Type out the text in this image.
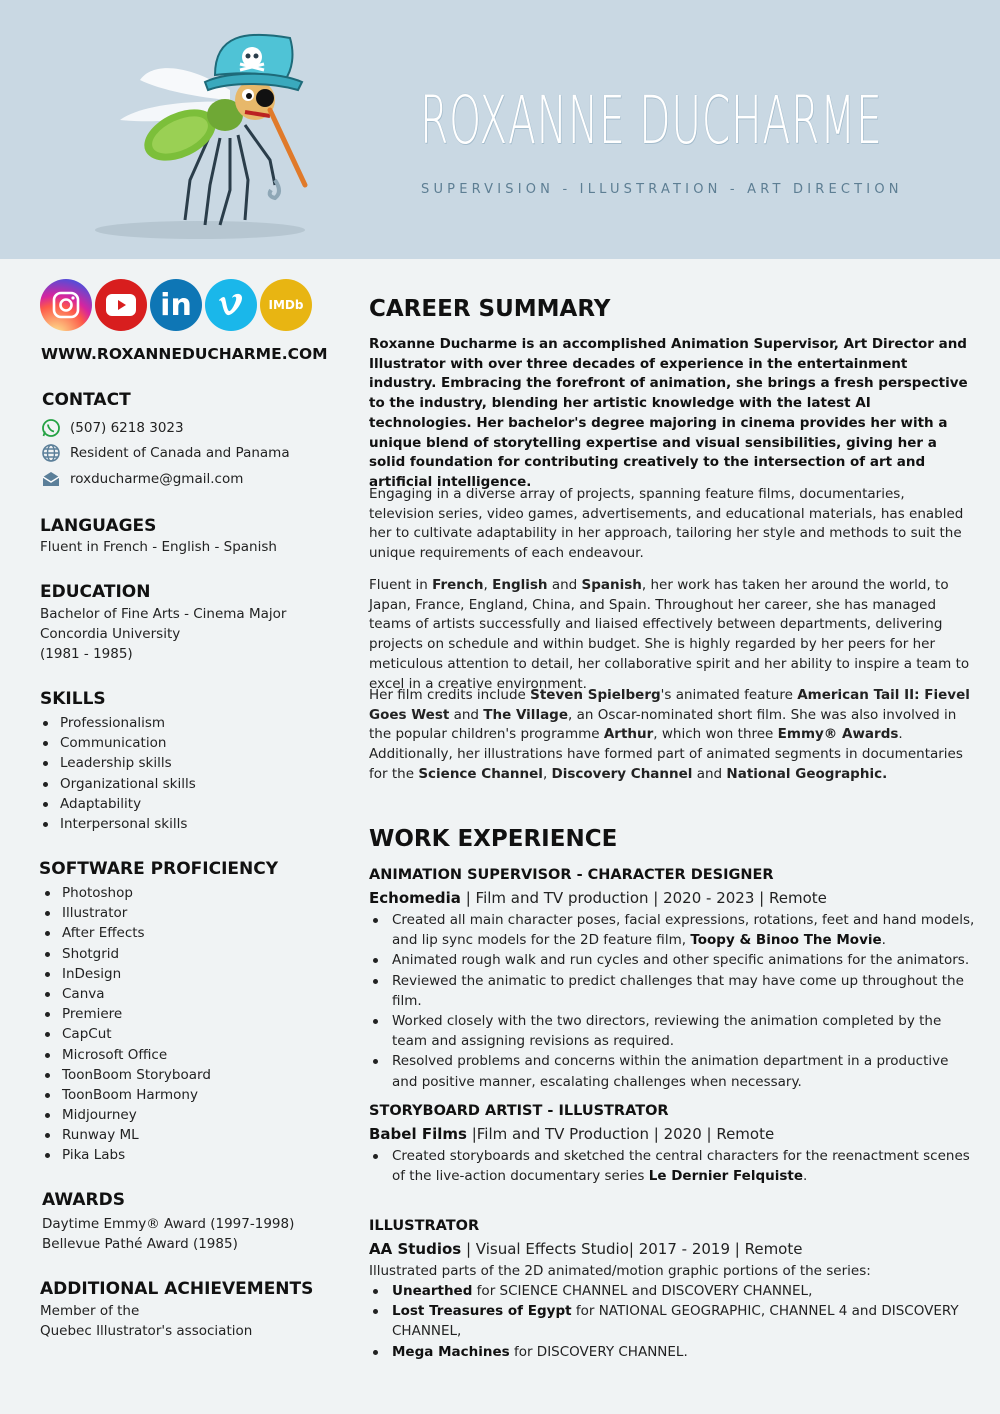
ROXANNE DUCHARME
SUPERVISION - ILLUSTRATION - ART DIRECTION
in	IMDb
WWW.ROXANNEDUCHARME.COM
CONTACT
(507) 6218 3023
Resident of Canada and Panama
roxducharme@gmail.com
LANGUAGES
Fluent in French - English - Spanish
EDUCATION
Bachelor of Fine Arts - Cinema Major
Concordia University
(1981 - 1985)
SKILLS
Professionalism
Communication
Leadership skills
Organizational skills
Adaptability
Interpersonal skills
SOFTWARE PROFICIENCY
Photoshop
Illustrator
After Effects
Shotgrid
InDesign
Canva
Premiere
CapCut
Microsoft Office
ToonBoom Storyboard
ToonBoom Harmony
Midjourney
Runway ML
Pika Labs
AWARDS
Daytime Emmy® Award (1997-1998)
Bellevue Pathé Award (1985)
ADDITIONAL ACHIEVEMENTS
Member of the
Quebec Illustrator's association
CAREER SUMMARY

Roxanne Ducharme is an accomplished Animation Supervisor, Art Director and Illustrator with over three decades of experience in the entertainment industry. Embracing the forefront of animation, she brings a fresh perspective to the industry, blending her artistic knowledge with the latest AI technologies. Her bachelor's degree majoring in cinema provides her with a unique blend of storytelling expertise and visual sensibilities, giving her a solid foundation for contributing creatively to the intersection of art and artificial intelligence.

Engaging in a diverse array of projects, spanning feature films, documentaries, television series, video games, advertisements, and educational materials, has enabled her to cultivate adaptability in her approach, tailoring her style and methods to suit the unique requirements of each endeavour.

Fluent in French, English and Spanish, her work has taken her around the world, to Japan, France, England, China, and Spain. Throughout her career, she has managed teams of artists successfully and liaised effectively between departments, delivering projects on schedule and within budget. She is highly regarded by her peers for her meticulous attention to detail, her collaborative spirit and her ability to inspire a team to excel in a creative environment.

Her film credits include Steven Spielberg's animated feature American Tail II: Fievel Goes West and The Village, an Oscar-nominated short film. She was also involved in the popular children's programme Arthur, which won three Emmy® Awards. Additionally, her illustrations have formed part of animated segments in documentaries for the Science Channel, Discovery Channel and National Geographic.

WORK EXPERIENCE
ANIMATION SUPERVISOR - CHARACTER DESIGNER
Echomedia | Film and TV production | 2020 - 2023 | Remote
Created all main character poses, facial expressions, rotations, feet and hand models, and lip sync models for the 2D feature film, Toopy & Binoo The Movie.
Animated rough walk and run cycles and other specific animations for the animators.
Reviewed the animatic to predict challenges that may have come up throughout the film.
Worked closely with the two directors, reviewing the animation completed by the team and assigning revisions as required.
Resolved problems and concerns within the animation department in a productive and positive manner, escalating challenges when necessary.
STORYBOARD ARTIST - ILLUSTRATOR
Babel Films |Film and TV Production | 2020 | Remote
Created storyboards and sketched the central characters for the reenactment scenes of the live-action documentary series Le Dernier Felquiste.
ILLUSTRATOR
AA Studios | Visual Effects Studio| 2017 - 2019 | Remote
Illustrated parts of the 2D animated/motion graphic portions of the series:
Unearthed for SCIENCE CHANNEL and DISCOVERY CHANNEL,
Lost Treasures of Egypt for NATIONAL GEOGRAPHIC, CHANNEL 4 and DISCOVERY CHANNEL,
Mega Machines for DISCOVERY CHANNEL.
